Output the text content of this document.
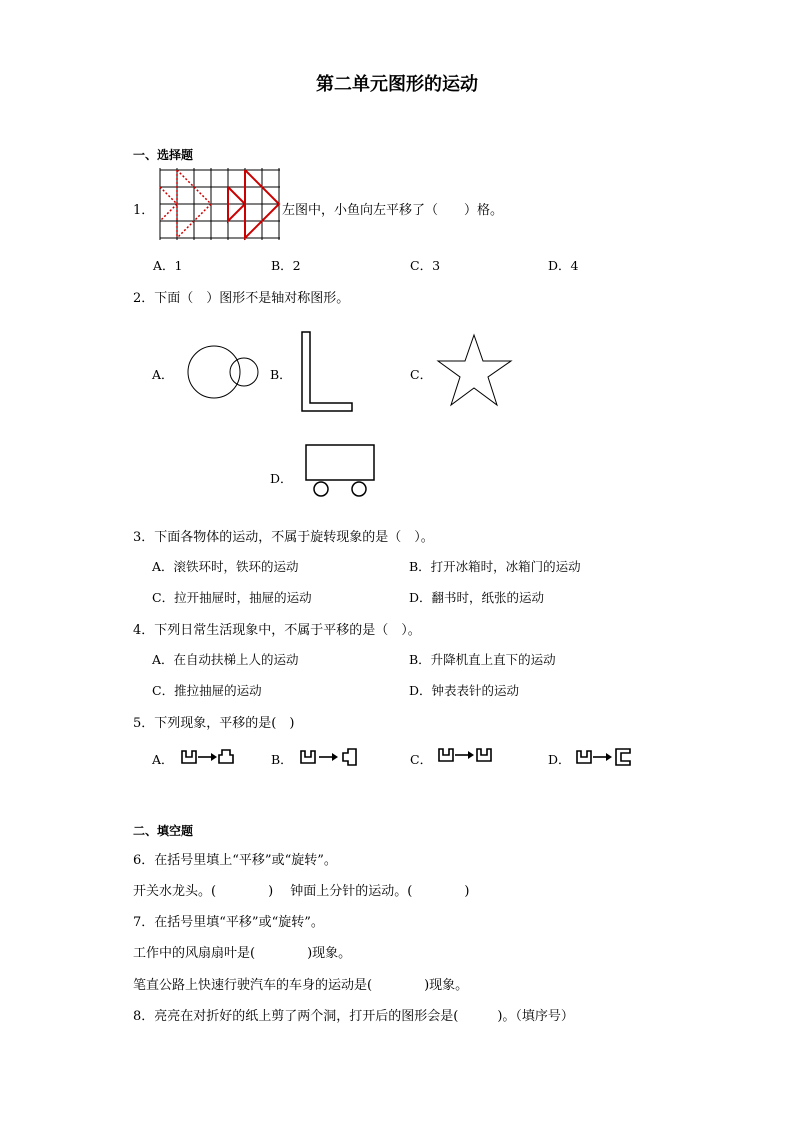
第二单元图形的运动
一、选择题
1．	左图中，小鱼向左平移了（　　）格。
A．1	B．2	C．3	D．4
2．下面（　）图形不是轴对称图形。
A．	B．	C．
D．
3．下面各物体的运动，不属于旋转现象的是（　）。
A．滚铁环时，铁环的运动	B．打开冰箱时，冰箱门的运动
C．拉开抽屉时，抽屉的运动	D．翻书时，纸张的运动
4．下列日常生活现象中，不属于平移的是（　）。
A．在自动扶梯上人的运动	B．升降机直上直下的运动
C．推拉抽屉的运动	D．钟表表针的运动
5．下列现象，平移的是(　)
A．	B．	C．	D．
二、填空题
6．在括号里填上“平移”或“旋转”。
开关水龙头。(　　　　)　 钟面上分针的运动。(　　　　)
7．在括号里填“平移”或“旋转”。
工作中的风扇扇叶是(　　　　)现象。
笔直公路上快速行驶汽车的车身的运动是(　　　　)现象。
8．亮亮在对折好的纸上剪了两个洞，打开后的图形会是(　　　)。（填序号）
